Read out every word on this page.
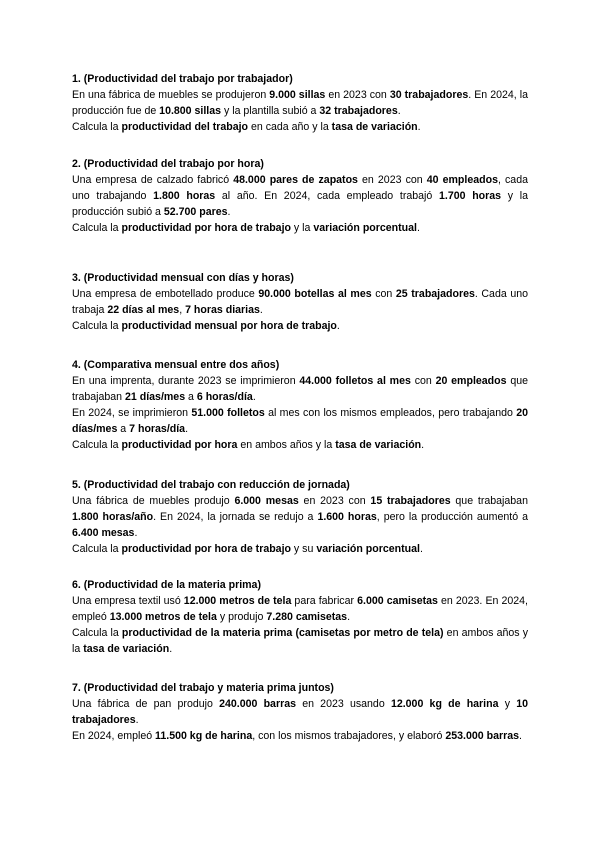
1. (Productividad del trabajo por trabajador)

En una fábrica de muebles se produjeron 9.000 sillas en 2023 con 30 trabajadores. En 2024, la producción fue de 10.800 sillas y la plantilla subió a 32 trabajadores.

Calcula la productividad del trabajo en cada año y la tasa de variación.

2. (Productividad del trabajo por hora)

Una empresa de calzado fabricó 48.000 pares de zapatos en 2023 con 40 empleados, cada uno trabajando 1.800 horas al año. En 2024, cada empleado trabajó 1.700 horas y la producción subió a 52.700 pares.

Calcula la productividad por hora de trabajo y la variación porcentual.

3. (Productividad mensual con días y horas)

Una empresa de embotellado produce 90.000 botellas al mes con 25 trabajadores. Cada uno trabaja 22 días al mes, 7 horas diarias.

Calcula la productividad mensual por hora de trabajo.

4. (Comparativa mensual entre dos años)

En una imprenta, durante 2023 se imprimieron 44.000 folletos al mes con 20 empleados que trabajaban 21 días/mes a 6 horas/día.

En 2024, se imprimieron 51.000 folletos al mes con los mismos empleados, pero trabajando 20 días/mes a 7 horas/día.

Calcula la productividad por hora en ambos años y la tasa de variación.

5. (Productividad del trabajo con reducción de jornada)

Una fábrica de muebles produjo 6.000 mesas en 2023 con 15 trabajadores que trabajaban 1.800 horas/año. En 2024, la jornada se redujo a 1.600 horas, pero la producción aumentó a 6.400 mesas.

Calcula la productividad por hora de trabajo y su variación porcentual.

6. (Productividad de la materia prima)

Una empresa textil usó 12.000 metros de tela para fabricar 6.000 camisetas en 2023. En 2024, empleó 13.000 metros de tela y produjo 7.280 camisetas.

Calcula la productividad de la materia prima (camisetas por metro de tela) en ambos años y la tasa de variación.

7. (Productividad del trabajo y materia prima juntos)

Una fábrica de pan produjo 240.000 barras en 2023 usando 12.000 kg de harina y 10 trabajadores.

En 2024, empleó 11.500 kg de harina, con los mismos trabajadores, y elaboró 253.000 barras.
